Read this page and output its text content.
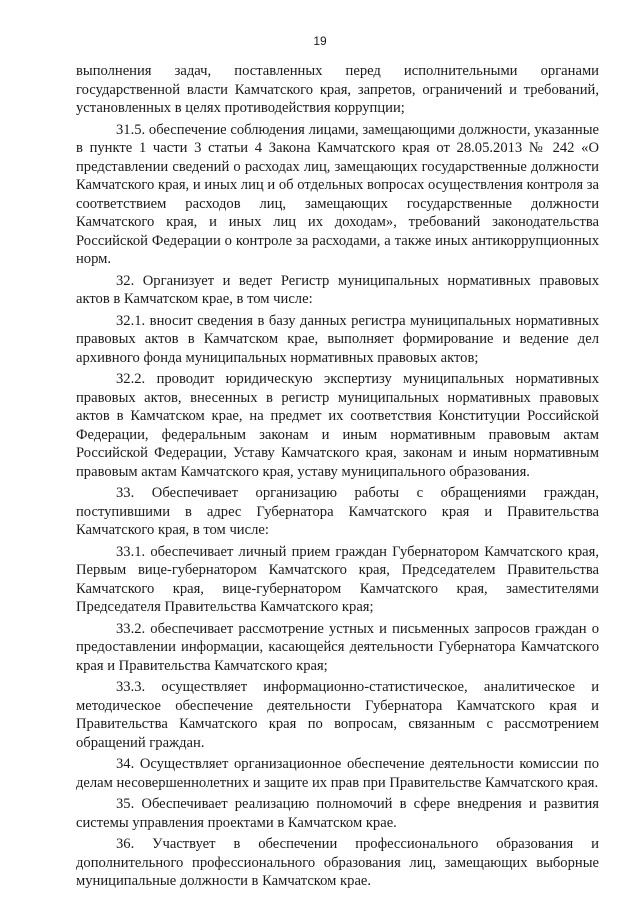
19

выполнения задач, поставленных перед исполнительными органами государственной власти Камчатского края, запретов, ограничений и требований, установленных в целях противодействия коррупции;

31.5. обеспечение соблюдения лицами, замещающими должности, указанные в пункте 1 части 3 статьи 4 Закона Камчатского края от 28.05.2013 № 242 «О представлении сведений о расходах лиц, замещающих государственные должности Камчатского края, и иных лиц и об отдельных вопросах осуществления контроля за соответствием расходов лиц, замещающих государственные должности Камчатского края, и иных лиц их доходам», требований законодательства Российской Федерации о контроле за расходами, а также иных антикоррупционных норм.

32. Организует и ведет Регистр муниципальных нормативных правовых актов в Камчатском крае, в том числе:

32.1. вносит сведения в базу данных регистра муниципальных нормативных правовых актов в Камчатском крае, выполняет формирование и ведение дел архивного фонда муниципальных нормативных правовых актов;

32.2. проводит юридическую экспертизу муниципальных нормативных правовых актов, внесенных в регистр муниципальных нормативных правовых актов в Камчатском крае, на предмет их соответствия Конституции Российской Федерации, федеральным законам и иным нормативным правовым актам Российской Федерации, Уставу Камчатского края, законам и иным нормативным правовым актам Камчатского края, уставу муниципального образования.

33. Обеспечивает организацию работы с обращениями граждан, поступившими в адрес Губернатора Камчатского края и Правительства Камчатского края, в том числе:

33.1. обеспечивает личный прием граждан Губернатором Камчатского края, Первым вице-губернатором Камчатского края, Председателем Правительства Камчатского края, вице-губернатором Камчатского края, заместителями Председателя Правительства Камчатского края;

33.2. обеспечивает рассмотрение устных и письменных запросов граждан о предоставлении информации, касающейся деятельности Губернатора Камчатского края и Правительства Камчатского края;

33.3. осуществляет информационно-статистическое, аналитическое и методическое обеспечение деятельности Губернатора Камчатского края и Правительства Камчатского края по вопросам, связанным с рассмотрением обращений граждан.

34. Осуществляет организационное обеспечение деятельности комиссии по делам несовершеннолетних и защите их прав при Правительстве Камчатского края.

35. Обеспечивает реализацию полномочий в сфере внедрения и развития системы управления проектами в Камчатском крае.

36. Участвует в обеспечении профессионального образования и дополнительного профессионального образования лиц, замещающих выборные муниципальные должности в Камчатском крае.
